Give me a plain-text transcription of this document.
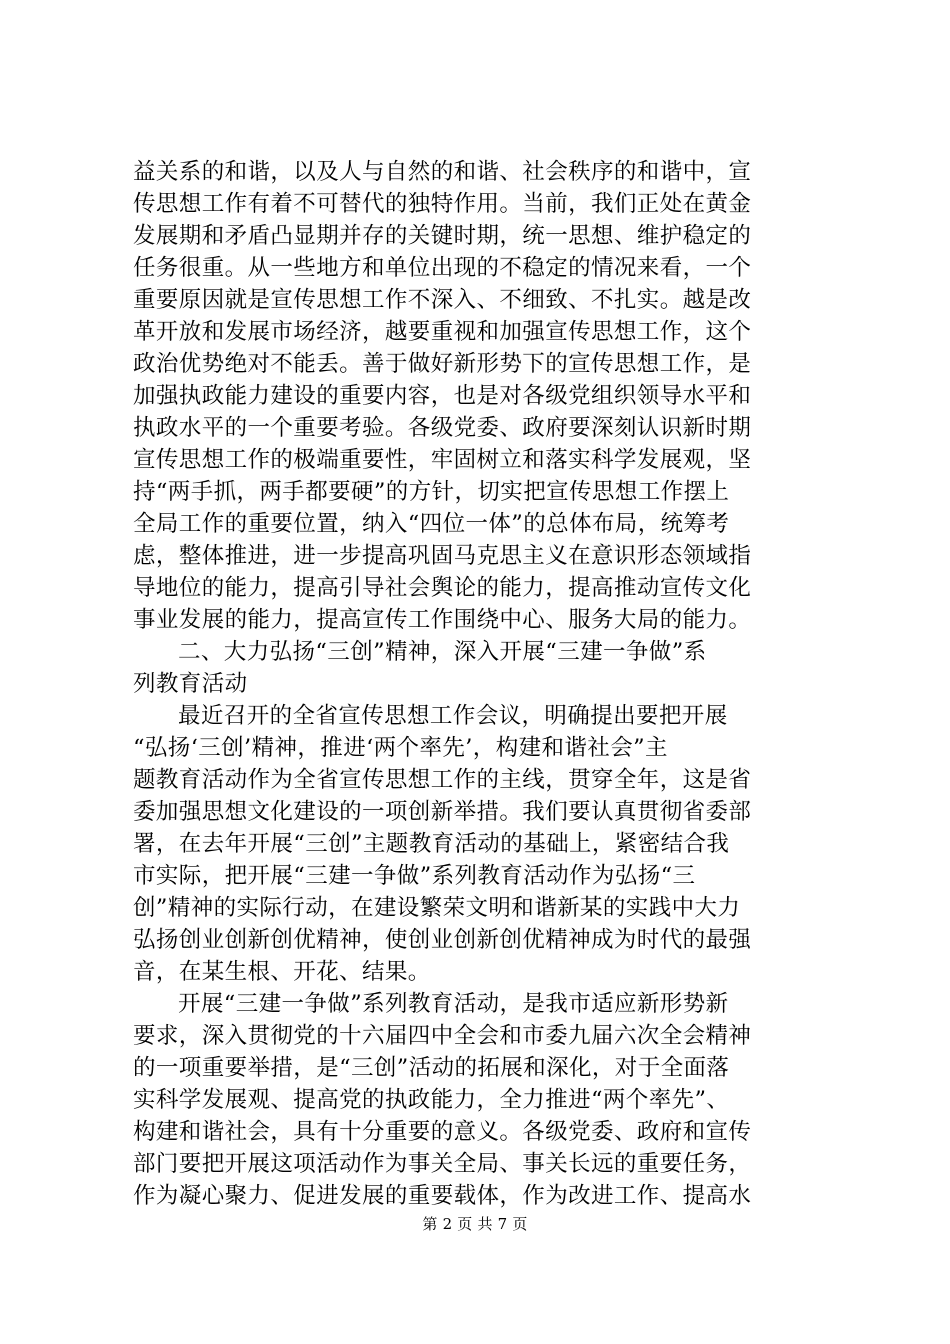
益关系的和谐，以及人与自然的和谐、社会秩序的和谐中，宣
传思想工作有着不可替代的独特作用。当前，我们正处在黄金
发展期和矛盾凸显期并存的关键时期，统一思想、维护稳定的
任务很重。从一些地方和单位出现的不稳定的情况来看，一个
重要原因就是宣传思想工作不深入、不细致、不扎实。越是改
革开放和发展市场经济，越要重视和加强宣传思想工作，这个
政治优势绝对不能丢。善于做好新形势下的宣传思想工作，是
加强执政能力建设的重要内容，也是对各级党组织领导水平和
执政水平的一个重要考验。各级党委、政府要深刻认识新时期
宣传思想工作的极端重要性，牢固树立和落实科学发展观，坚
持“两手抓，两手都要硬”的方针，切实把宣传思想工作摆上
全局工作的重要位置，纳入“四位一体”的总体布局，统筹考
虑，整体推进，进一步提高巩固马克思主义在意识形态领域指
导地位的能力，提高引导社会舆论的能力，提高推动宣传文化
事业发展的能力，提高宣传工作围绕中心、服务大局的能力。
二、大力弘扬“三创”精神，深入开展“三建一争做”系
列教育活动
最近召开的全省宣传思想工作会议，明确提出要把开展
“弘扬‘三创’精神，推进‘两个率先’，构建和谐社会”主
题教育活动作为全省宣传思想工作的主线，贯穿全年，这是省
委加强思想文化建设的一项创新举措。我们要认真贯彻省委部
署，在去年开展“三创”主题教育活动的基础上，紧密结合我
市实际，把开展“三建一争做”系列教育活动作为弘扬“三
创”精神的实际行动，在建设繁荣文明和谐新某的实践中大力
弘扬创业创新创优精神，使创业创新创优精神成为时代的最强
音，在某生根、开花、结果。
开展“三建一争做”系列教育活动，是我市适应新形势新
要求，深入贯彻党的十六届四中全会和市委九届六次全会精神
的一项重要举措，是“三创”活动的拓展和深化，对于全面落
实科学发展观、提高党的执政能力，全力推进“两个率先”、
构建和谐社会，具有十分重要的意义。各级党委、政府和宣传
部门要把开展这项活动作为事关全局、事关长远的重要任务，
作为凝心聚力、促进发展的重要载体，作为改进工作、提高水
第 2 页 共 7 页
